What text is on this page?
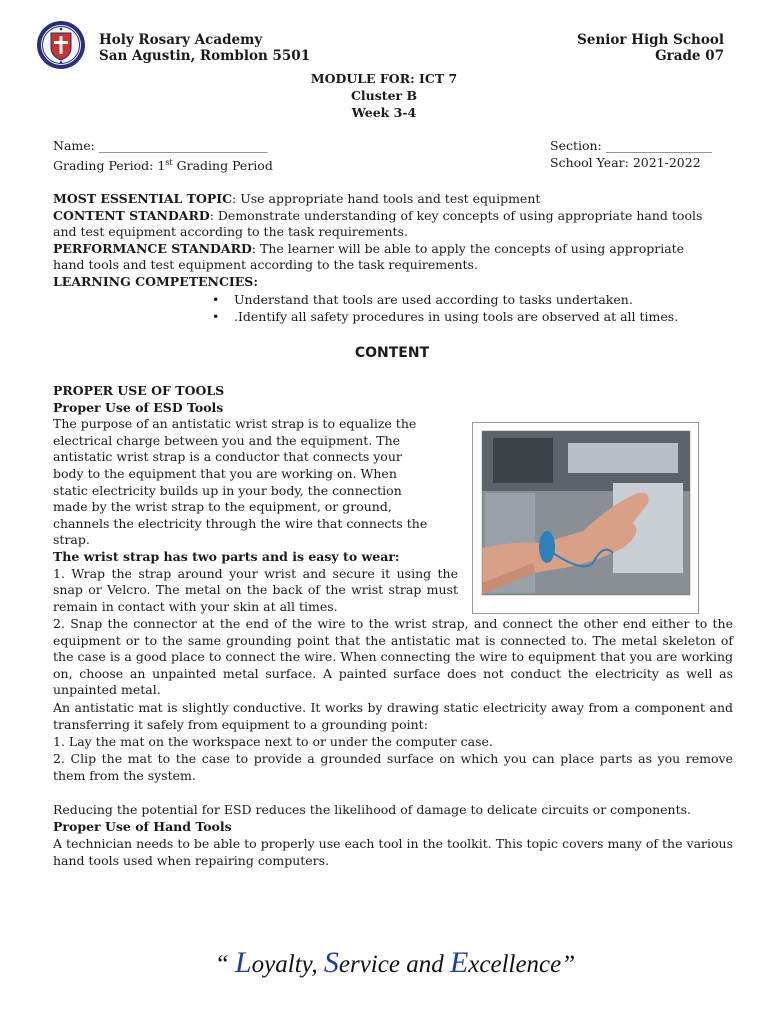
Holy Rosary Academy
San Agustin, Romblon 5501
Senior High School
Grade 07
MODULE FOR: ICT 7
Cluster B
Week 3-4
Name: ___________________________
Grading Period: 1st Grading Period
Section: _________________
School Year: 2021-2022
MOST ESSENTIAL TOPIC: Use appropriate hand tools and test equipment
CONTENT STANDARD: Demonstrate understanding of key concepts of using appropriate hand tools and test equipment according to the task requirements.
PERFORMANCE STANDARD: The learner will be able to apply the concepts of using appropriate hand tools and test equipment according to the task requirements.
LEARNING COMPETENCIES:
• Understand that tools are used according to tasks undertaken.
• .Identify all safety procedures in using tools are observed at all times.
CONTENT
PROPER USE OF TOOLS
Proper Use of ESD Tools
The purpose of an antistatic wrist strap is to equalize the
electrical charge between you and the equipment. The
antistatic wrist strap is a conductor that connects your
body to the equipment that you are working on. When
static electricity builds up in your body, the connection
made by the wrist strap to the equipment, or ground,
channels the electricity through the wire that connects the
strap.
The wrist strap has two parts and is easy to wear:
1. Wrap the strap around your wrist and secure it using the snap or Velcro. The metal on the back of the wrist strap must remain in contact with your skin at all times.
2. Snap the connector at the end of the wire to the wrist strap, and connect the other end either to the equipment or to the same grounding point that the antistatic mat is connected to. The metal skeleton of the case is a good place to connect the wire. When connecting the wire to equipment that you are working on, choose an unpainted metal surface. A painted surface does not conduct the electricity as well as unpainted metal.
An antistatic mat is slightly conductive. It works by drawing static electricity away from a component and transferring it safely from equipment to a grounding point:
1. Lay the mat on the workspace next to or under the computer case.
2. Clip the mat to the case to provide a grounded surface on which you can place parts as you remove them from the system.
Reducing the potential for ESD reduces the likelihood of damage to delicate circuits or components.
Proper Use of Hand Tools
A technician needs to be able to properly use each tool in the toolkit. This topic covers many of the various hand tools used when repairing computers.
“ Loyalty, Service and Excellence”
